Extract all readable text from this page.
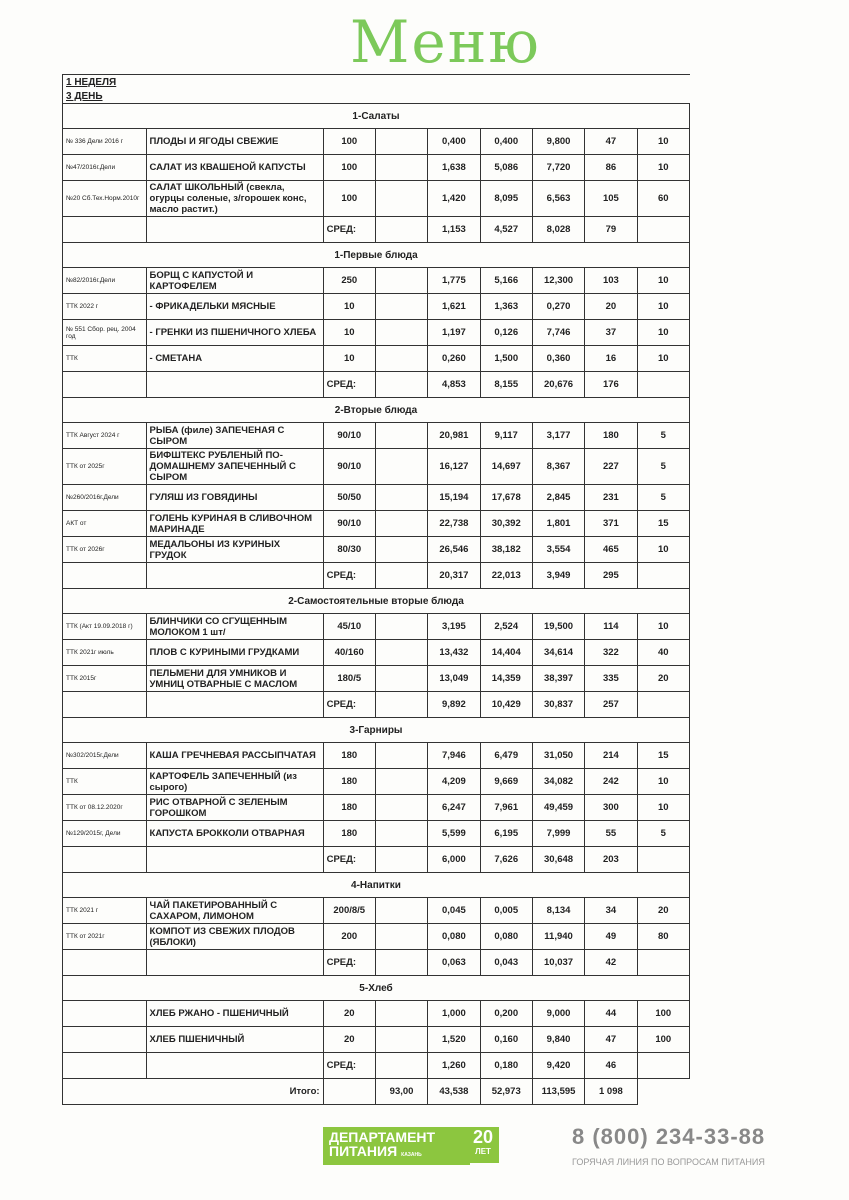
Меню
1 НЕДЕЛЯ								
3 ДЕНЬ								
1-Салаты								
№ 336 Дели 2016 г	ПЛОДЫ И ЯГОДЫ СВЕЖИЕ	100		0,400	0,400	9,800	47	10
№47/2016г.Дели	САЛАТ ИЗ КВАШЕНОЙ КАПУСТЫ	100		1,638	5,086	7,720	86	10
№20 Сб.Тех.Норм.2010г	САЛАТ ШКОЛЬНЫЙ (свекла, огурцы соленые, з/горошек конс, масло растит.)	100		1,420	8,095	6,563	105	60
		СРЕД:		1,153	4,527	8,028	79	
1-Первые блюда								
№82/2016г.Дели	БОРЩ С КАПУСТОЙ И КАРТОФЕЛЕМ	250		1,775	5,166	12,300	103	10
ТТК 2022 г	- ФРИКАДЕЛЬКИ МЯСНЫЕ	10		1,621	1,363	0,270	20	10
№ 551 Сбор. рец. 2004 год	- ГРЕНКИ ИЗ ПШЕНИЧНОГО ХЛЕБА	10		1,197	0,126	7,746	37	10
ТТК	- СМЕТАНА	10		0,260	1,500	0,360	16	10
		СРЕД:		4,853	8,155	20,676	176	
2-Вторые блюда								
ТТК Август 2024 г	РЫБА (филе) ЗАПЕЧЕНАЯ С СЫРОМ	90/10		20,981	9,117	3,177	180	5
ТТК от 2025г	БИФШТЕКС РУБЛЕНЫЙ ПО-ДОМАШНЕМУ ЗАПЕЧЕННЫЙ С СЫРОМ	90/10		16,127	14,697	8,367	227	5
№260/2016г.Дели	ГУЛЯШ ИЗ ГОВЯДИНЫ	50/50		15,194	17,678	2,845	231	5
АКТ от	ГОЛЕНЬ КУРИНАЯ В СЛИВОЧНОМ МАРИНАДЕ	90/10		22,738	30,392	1,801	371	15
ТТК от 2026г	МЕДАЛЬОНЫ ИЗ КУРИНЫХ ГРУДОК	80/30		26,546	38,182	3,554	465	10
		СРЕД:		20,317	22,013	3,949	295	
2-Самостоятельные вторые блюда								
ТТК (Акт 19.09.2018 г)	БЛИНЧИКИ СО СГУЩЕННЫМ МОЛОКОМ 1 шт/	45/10		3,195	2,524	19,500	114	10
ТТК 2021г июль	ПЛОВ С КУРИНЫМИ ГРУДКАМИ	40/160		13,432	14,404	34,614	322	40
ТТК 2015г	ПЕЛЬМЕНИ ДЛЯ УМНИКОВ И УМНИЦ ОТВАРНЫЕ С МАСЛОМ	180/5		13,049	14,359	38,397	335	20
		СРЕД:		9,892	10,429	30,837	257	
3-Гарниры								
№302/2015г.Дели	КАША ГРЕЧНЕВАЯ РАССЫПЧАТАЯ	180		7,946	6,479	31,050	214	15
ТТК	КАРТОФЕЛЬ ЗАПЕЧЕННЫЙ (из сырого)	180		4,209	9,669	34,082	242	10
ТТК от 08.12.2020г	РИС ОТВАРНОЙ С ЗЕЛЕНЫМ ГОРОШКОМ	180		6,247	7,961	49,459	300	10
№129/2015г, Дели	КАПУСТА БРОККОЛИ ОТВАРНАЯ	180		5,599	6,195	7,999	55	5
		СРЕД:		6,000	7,626	30,648	203	
4-Напитки								
ТТК 2021 г	ЧАЙ ПАКЕТИРОВАННЫЙ С САХАРОМ, ЛИМОНОМ	200/8/5		0,045	0,005	8,134	34	20
ТТК от 2021г	КОМПОТ ИЗ СВЕЖИХ ПЛОДОВ (ЯБЛОКИ)	200		0,080	0,080	11,940	49	80
		СРЕД:		0,063	0,043	10,037	42	
5-Хлеб								
	ХЛЕБ РЖАНО - ПШЕНИЧНЫЙ	20		1,000	0,200	9,000	44	100
	ХЛЕБ ПШЕНИЧНЫЙ	20		1,520	0,160	9,840	47	100
		СРЕД:		1,260	0,180	9,420	46	
Итого:			93,00	43,538	52,973	113,595	1 098	
ДЕПАРТАМЕНТ
ПИТАНИЯ КАЗАНЬ
20
ЛЕТ
8 (800) 234-33-88
ГОРЯЧАЯ ЛИНИЯ ПО ВОПРОСАМ ПИТАНИЯ
